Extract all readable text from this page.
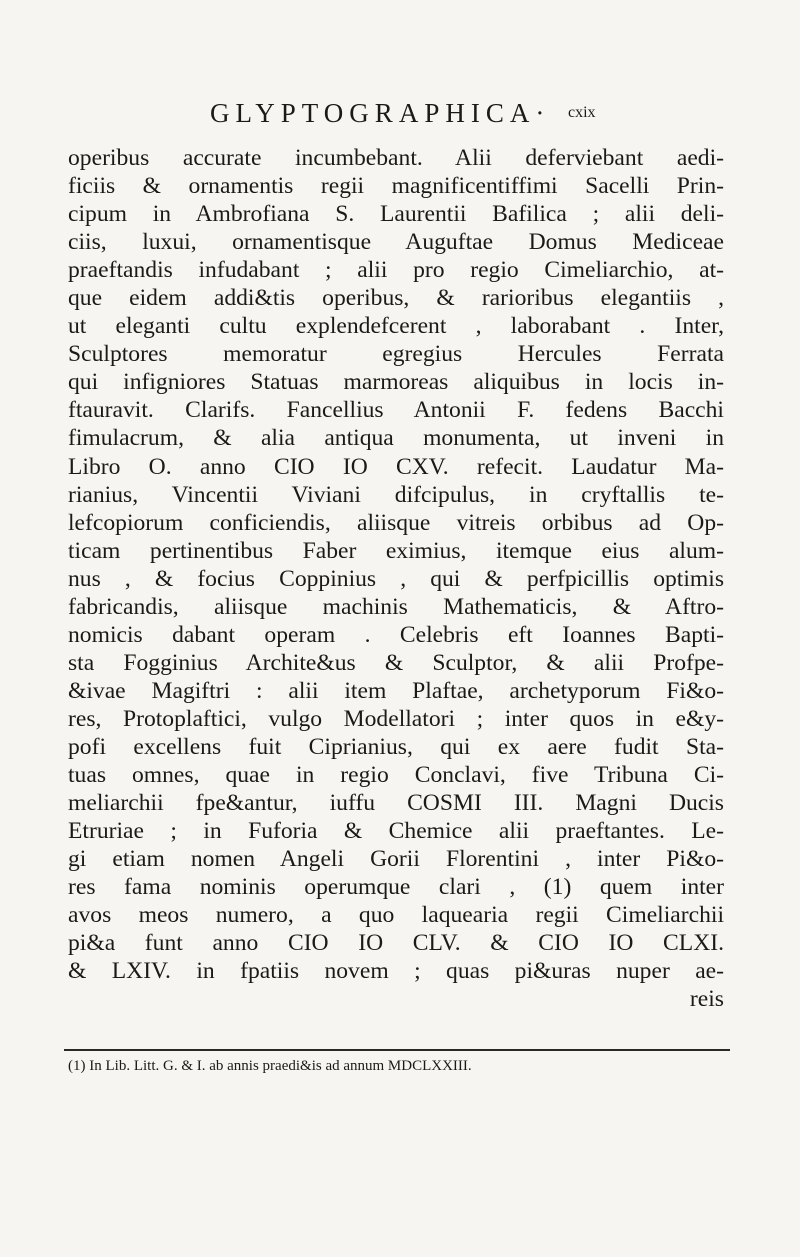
GLYPTOGRAPHICA· cxix
operibus accurate incumbebant. Alii deferviebant aedi-
ficiis & ornamentis regii magnificentiffimi Sacelli Prin-
cipum in Ambrofiana S. Laurentii Bafilica ; alii deli-
ciis, luxui, ornamentisque Auguftae Domus Mediceae
praeftandis infudabant ; alii pro regio Cimeliarchio, at-
que eidem addi&tis operibus, & rarioribus elegantiis ,
ut eleganti cultu explendefcerent , laborabant . Inter,
Sculptores memoratur egregius Hercules Ferrata
qui infigniores Statuas marmoreas aliquibus in locis in-
ftauravit. Clarifs. Fancellius Antonii F. fedens Bacchi
fimulacrum, & alia antiqua monumenta, ut inveni in
Libro O. anno CIO IO CXV. refecit. Laudatur Ma-
rianius, Vincentii Viviani difcipulus, in cryftallis te-
lefcopiorum conficiendis, aliisque vitreis orbibus ad Op-
ticam pertinentibus Faber eximius, itemque eius alum-
nus , & focius Coppinius , qui & perfpicillis optimis
fabricandis, aliisque machinis Mathematicis, & Aftro-
nomicis dabant operam . Celebris eft Ioannes Bapti-
sta Fogginius Archite&us & Sculptor, & alii Profpe-
&ivae Magiftri : alii item Plaftae, archetyporum Fi&o-
res, Protoplaftici, vulgo Modellatori ; inter quos in e&y-
pofi excellens fuit Ciprianius, qui ex aere fudit Sta-
tuas omnes, quae in regio Conclavi, five Tribuna Ci-
meliarchii fpe&antur, iuffu COSMI III. Magni Ducis
Etruriae ; in Fuforia & Chemice alii praeftantes. Le-
gi etiam nomen Angeli Gorii Florentini , inter Pi&o-
res fama nominis operumque clari , (1) quem inter
avos meos numero, a quo laquearia regii Cimeliarchii
pi&a funt anno CIO IO CLV. & CIO IO CLXI.
& LXIV. in fpatiis novem ; quas pi&uras nuper ae-
reis
(1) In Lib. Litt. G. & I. ab annis praedi&is ad annum MDCLXXIII.
